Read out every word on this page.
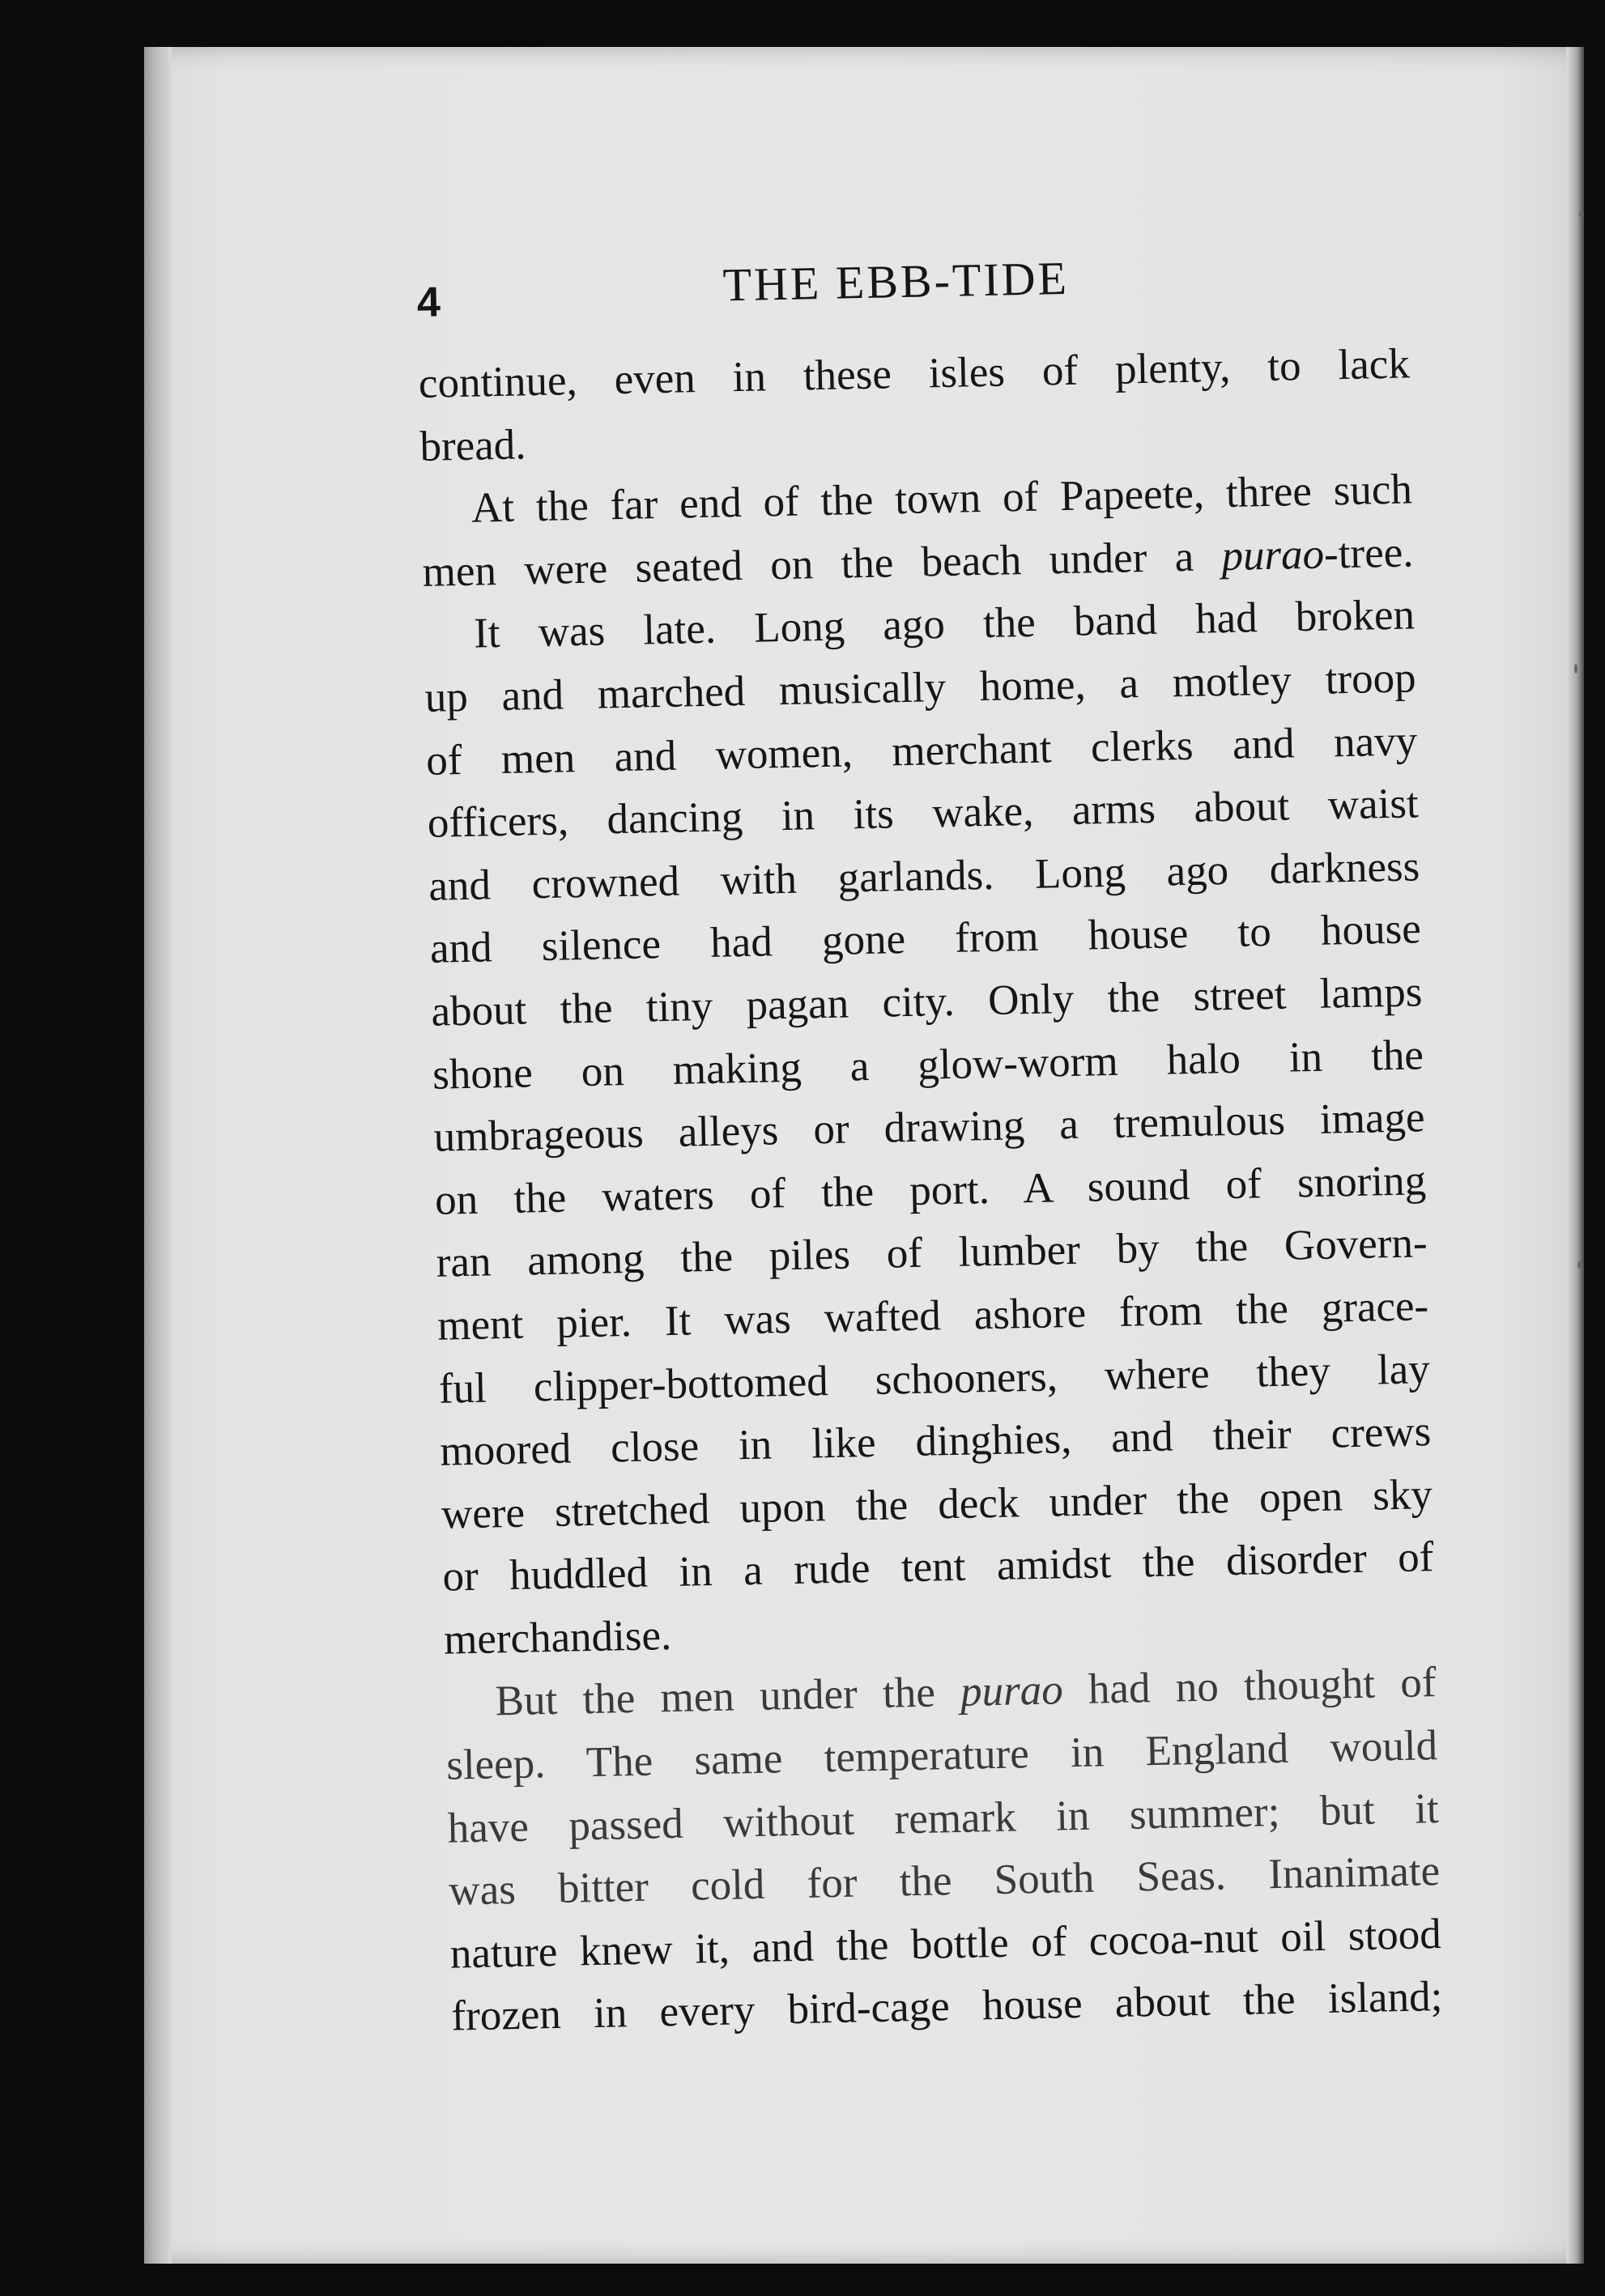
4	THE EBB-TIDE
continue, even in these isles of plenty, to lack
bread.
At the far end of the town of Papeete, three such
men were seated on the beach under a purao-tree.
It was late. Long ago the band had broken
up and marched musically home, a motley troop
of men and women, merchant clerks and navy
officers, dancing in its wake, arms about waist
and crowned with garlands. Long ago darkness
and silence had gone from house to house
about the tiny pagan city. Only the street lamps
shone on making a glow-worm halo in the
umbrageous alleys or drawing a tremulous image
on the waters of the port. A sound of snoring
ran among the piles of lumber by the Govern-
ment pier. It was wafted ashore from the grace-
ful clipper-bottomed schooners, where they lay
moored close in like dinghies, and their crews
were stretched upon the deck under the open sky
or huddled in a rude tent amidst the disorder of
merchandise.
But the men under the purao had no thought of
sleep. The same temperature in England would
have passed without remark in summer; but it
was bitter cold for the South Seas. Inanimate
nature knew it, and the bottle of cocoa-nut oil stood
frozen in every bird-cage house about the island;
